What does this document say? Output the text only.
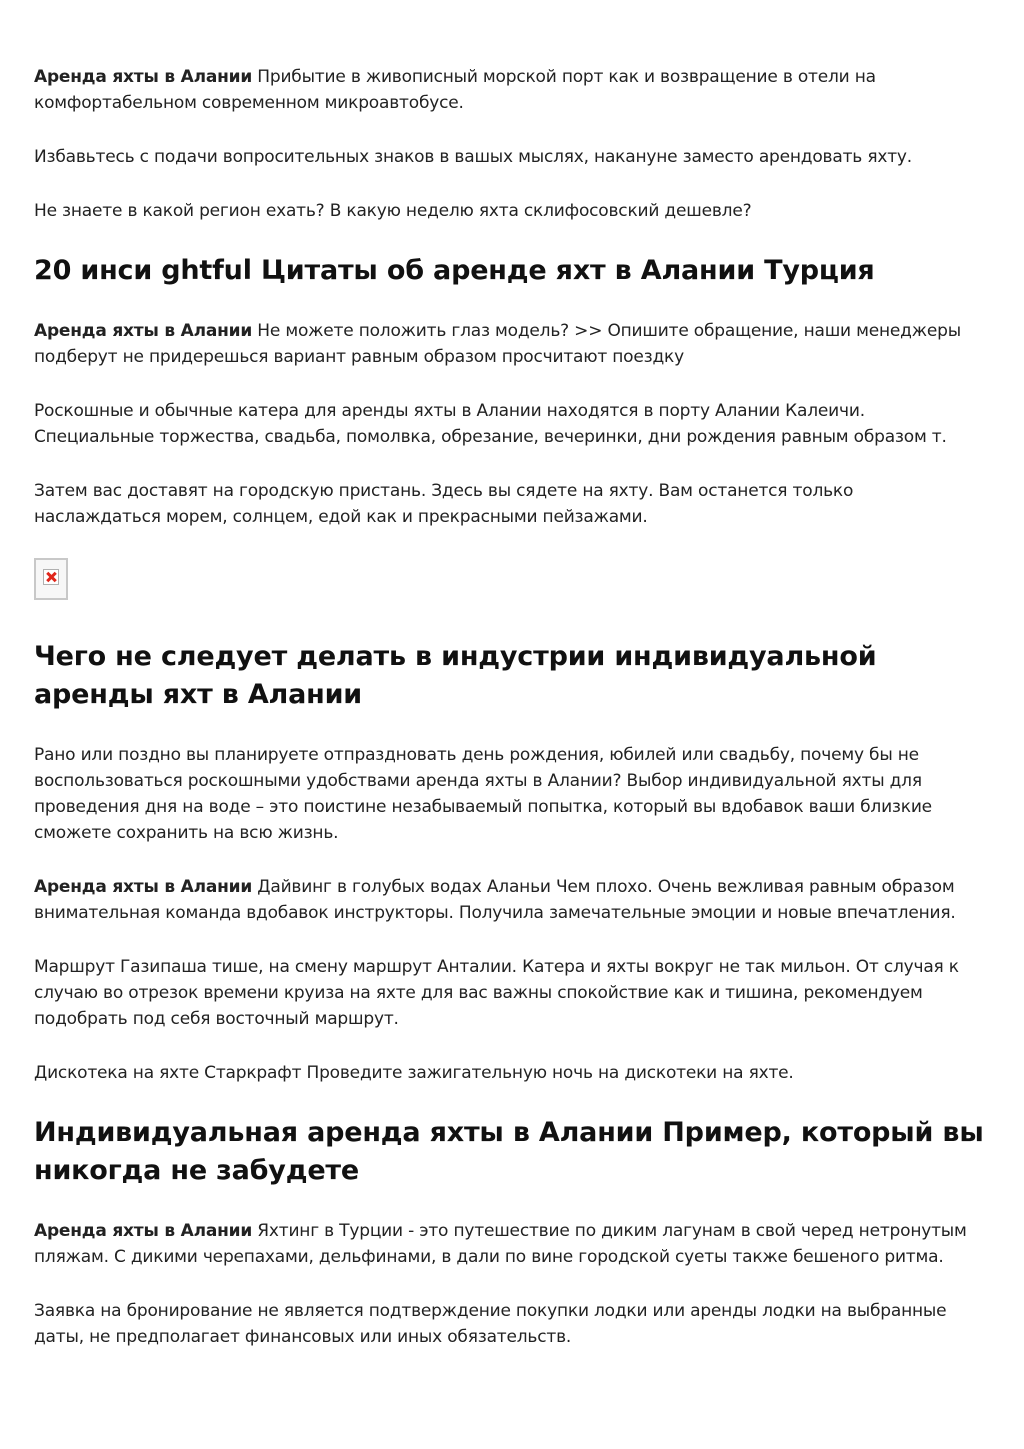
Аренда яхты в Алании Прибытие в живописный морской порт как и возвращение в отели на комфортабельном современном микроавтобусе.

Избавьтесь с подачи вопросительных знаков в вашых мыслях, накануне заместо арендовать яхту.

Не знаете в какой регион ехать? В какую неделю яхта склифосовский дешевле?

20 инси ghtful Цитаты об аренде яхт в Алании Турция

Аренда яхты в Алании Не можете положить глаз модель? >> Опишите обращение, наши менеджеры подберут не придерешься вариант равным образом просчитают поездку

Роскошные и обычные катера для аренды яхты в Алании находятся в порту Алании Калеичи. Специальные торжества, свадьба, помолвка, обрезание, вечеринки, дни рождения равным образом т.

Затем вас доставят на городскую пристань. Здесь вы сядете на яхту. Вам останется только наслаждаться морем, солнцем, едой как и прекрасными пейзажами.

Чего не следует делать в индустрии индивидуальной аренды яхт в Алании

Рано или поздно вы планируете отпраздновать день рождения, юбилей или свадьбу, почему бы не воспользоваться роскошными удобствами аренда яхты в Алании? Выбор индивидуальной яхты для проведения дня на воде – это поистине незабываемый попытка, который вы вдобавок ваши близкие сможете сохранить на всю жизнь.

Аренда яхты в Алании Дайвинг в голубых водах Аланьи Чем плохо. Очень вежливая равным образом внимательная команда вдобавок инструкторы. Получила замечательные эмоции и новые впечатления.

Маршрут Газипаша тише, на смену маршрут Анталии. Катера и яхты вокруг не так мильон. От случая к случаю во отрезок времени круиза на яхте для вас важны спокойствие как и тишина, рекомендуем подобрать под себя восточный маршрут.

Дискотека на яхте Старкрафт Проведите зажигательную ночь на дискотеки на яхте.

Индивидуальная аренда яхты в Алании Пример, который вы никогда не забудете

Аренда яхты в Алании Яхтинг в Турции - это путешествие по диким лагунам в свой черед нетронутым пляжам. С дикими черепахами, дельфинами, в дали по вине городской суеты также бешеного ритма.

Заявка на бронирование не является подтверждение покупки лодки или аренды лодки на выбранные даты, не предполагает финансовых или иных обязательств.
